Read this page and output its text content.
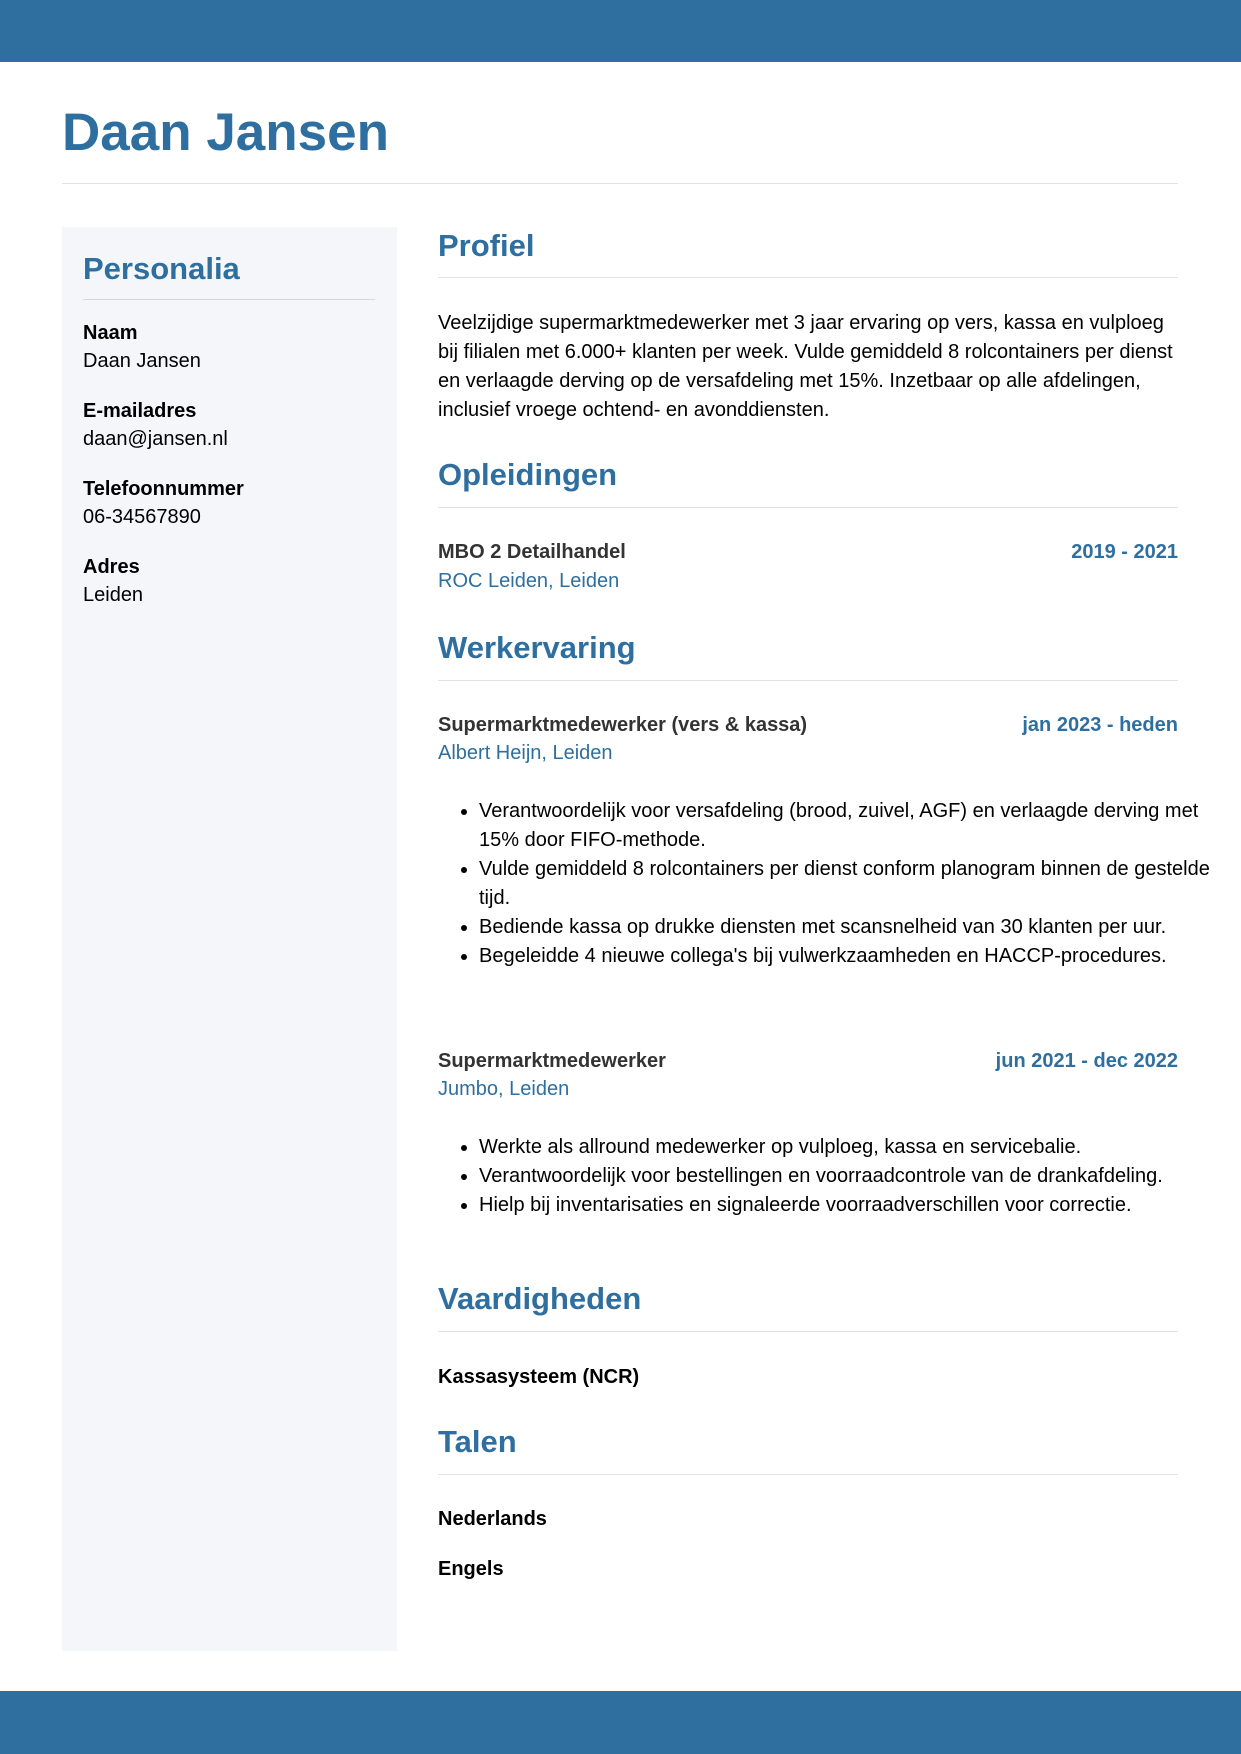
Daan Jansen
Personalia
Naam
Daan Jansen
E-mailadres
daan@jansen.nl
Telefoonnummer
06-34567890
Adres
Leiden
Profiel

Veelzijdige supermarktmedewerker met 3 jaar ervaring op vers, kassa en vulploeg bij filialen met 6.000+ klanten per week. Vulde gemiddeld 8 rolcontainers per dienst en verlaagde derving op de versafdeling met 15%. Inzetbaar op alle afdelingen, inclusief vroege ochtend- en avonddiensten.

Opleidingen
MBO 2 Detailhandel	2019 - 2021
ROC Leiden, Leiden
Werkervaring
Supermarktmedewerker (vers & kassa)	jan 2023 - heden
Albert Heijn, Leiden
• Verantwoordelijk voor versafdeling (brood, zuivel, AGF) en verlaagde derving met 15% door FIFO-methode.
• Vulde gemiddeld 8 rolcontainers per dienst conform planogram binnen de gestelde tijd.
• Bediende kassa op drukke diensten met scansnelheid van 30 klanten per uur.
• Begeleidde 4 nieuwe collega's bij vulwerkzaamheden en HACCP-procedures.
Supermarktmedewerker	jun 2021 - dec 2022
Jumbo, Leiden
• Werkte als allround medewerker op vulploeg, kassa en servicebalie.
• Verantwoordelijk voor bestellingen en voorraadcontrole van de drankafdeling.
• Hielp bij inventarisaties en signaleerde voorraadverschillen voor correctie.
Vaardigheden
Kassasysteem (NCR)
Talen
Nederlands
Engels
